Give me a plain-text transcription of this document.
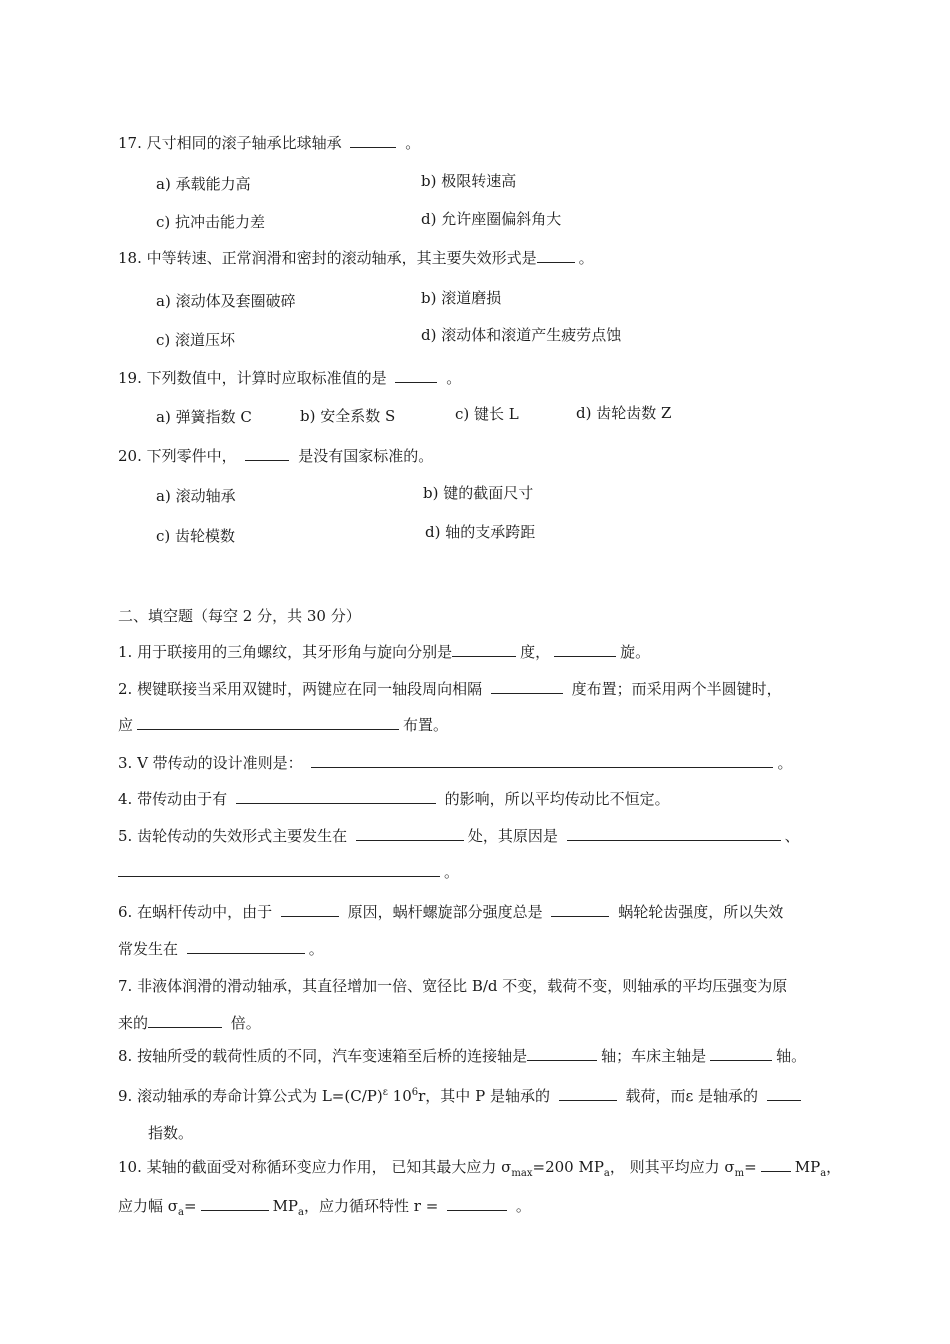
17. 尺寸相同的滚子轴承比球轴承	。
a) 承载能力高	b) 极限转速高
c) 抗冲击能力差	d) 允许座圈偏斜角大
18. 中等转速、正常润滑和密封的滚动轴承，其主要失效形式是	。
a) 滚动体及套圈破碎	b) 滚道磨损
c) 滚道压坏	d) 滚动体和滚道产生疲劳点蚀
19. 下列数值中，计算时应取标准值的是	。
a) 弹簧指数 C	b) 安全系数 S	c) 键长 L	d) 齿轮齿数 Z
20. 下列零件中，	是没有国家标准的。
a) 滚动轴承	b) 键的截面尺寸
c) 齿轮模数	d) 轴的支承跨距
二、填空题（每空 2 分，共 30 分）
1. 用于联接用的三角螺纹，其牙形角与旋向分别是	度，	旋。
2. 楔键联接当采用双键时，两键应在同一轴段周向相隔	度布置；而采用两个半圆键时，
应	布置。
3. V 带传动的设计准则是：	。
4. 带传动由于有	的影响，所以平均传动比不恒定。
5. 齿轮传动的失效形式主要发生在	处，其原因是	、
。
6. 在蜗杆传动中，由于	原因，蜗杆螺旋部分强度总是	蜗轮轮齿强度，所以失效
常发生在	。
7. 非液体润滑的滑动轴承，其直径增加一倍、宽径比 B/d 不变，载荷不变，则轴承的平均压强变为原
来的	倍。
8. 按轴所受的载荷性质的不同，汽车变速箱至后桥的连接轴是	轴；车床主轴是	轴。
9. 滚动轴承的寿命计算公式为 $L=(C/P)^\varepsilon$ $10^6r$，其中 P 是轴承的	载荷，而ε 是轴承的
指数。
10. 某轴的截面受对称循环变应力作用， 已知其最大应力 $\sigma_{max}=200$ $MP_a$， 则其平均应力 $\sigma_m=$	$MP_a$，
应力幅 $\sigma_a=$	$MP_a$，应力循环特性 r =	。
